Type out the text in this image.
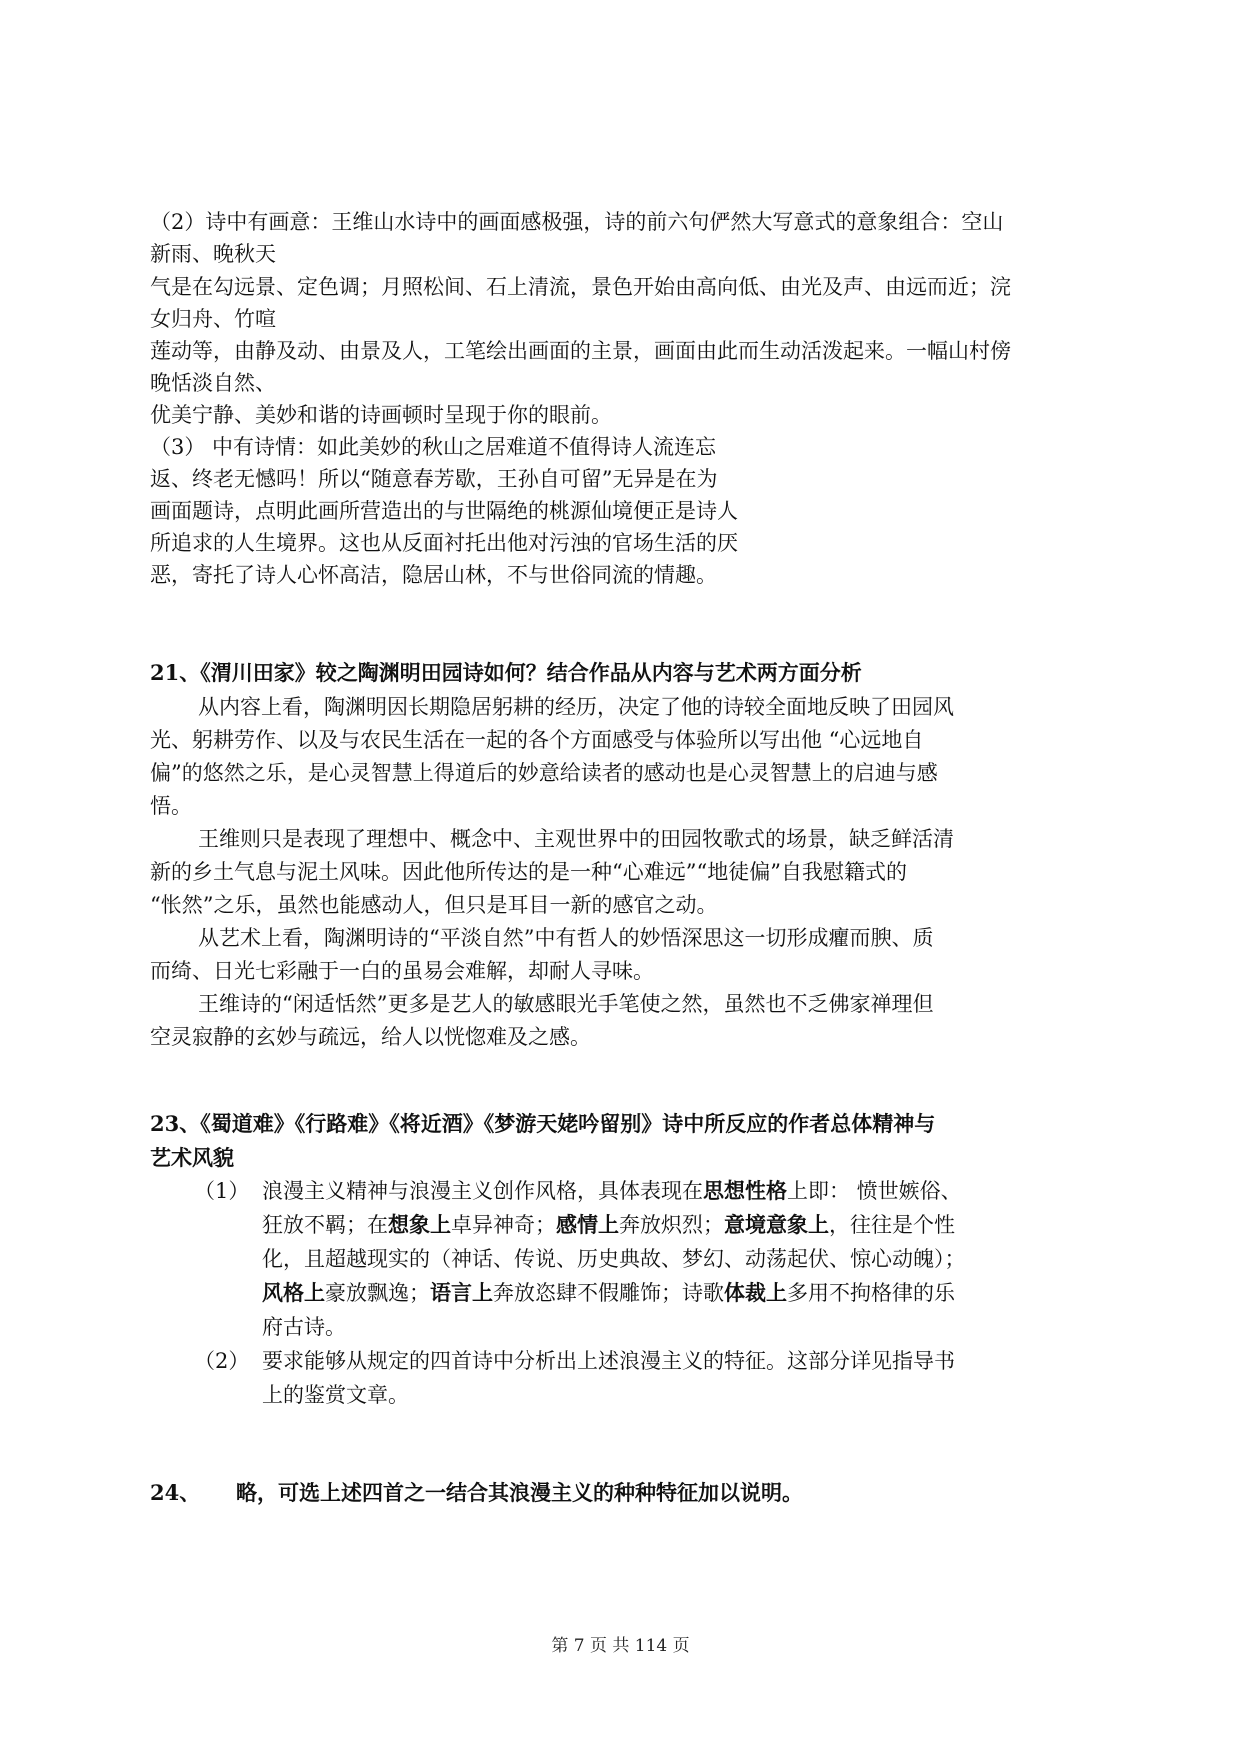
（2）诗中有画意：王维山水诗中的画面感极强，诗的前六句俨然大写意式的意象组合：空山
新雨、晚秋天
气是在勾远景、定色调；月照松间、石上清流，景色开始由高向低、由光及声、由远而近；浣
女归舟、竹喧
莲动等，由静及动、由景及人，工笔绘出画面的主景，画面由此而生动活泼起来。一幅山村傍
晚恬淡自然、
优美宁静、美妙和谐的诗画顿时呈现于你的眼前。
（3） 中有诗情：如此美妙的秋山之居难道不值得诗人流连忘
返、终老无憾吗！所以“随意春芳歇，王孙自可留”无异是在为
画面题诗，点明此画所营造出的与世隔绝的桃源仙境便正是诗人
所追求的人生境界。这也从反面衬托出他对污浊的官场生活的厌
恶，寄托了诗人心怀高洁，隐居山林，不与世俗同流的情趣。
21、《渭川田家》较之陶渊明田园诗如何？结合作品从内容与艺术两方面分析
从内容上看，陶渊明因长期隐居躬耕的经历，决定了他的诗较全面地反映了田园风
光、躬耕劳作、以及与农民生活在一起的各个方面感受与体验所以写出他 “心远地自
偏”的悠然之乐，是心灵智慧上得道后的妙意给读者的感动也是心灵智慧上的启迪与感
悟。
王维则只是表现了理想中、概念中、主观世界中的田园牧歌式的场景，缺乏鲜活清
新的乡土气息与泥土风味。因此他所传达的是一种“心难远”“地徒偏”自我慰籍式的
“怅然”之乐，虽然也能感动人，但只是耳目一新的感官之动。
从艺术上看，陶渊明诗的“平淡自然”中有哲人的妙悟深思这一切形成癯而腴、质
而绮、日光七彩融于一白的虽易会难解，却耐人寻味。
王维诗的“闲适恬然”更多是艺人的敏感眼光手笔使之然，虽然也不乏佛家禅理但
空灵寂静的玄妙与疏远，给人以恍惚难及之感。
23、《蜀道难》《行路难》《将近酒》《梦游天姥吟留别》诗中所反应的作者总体精神与
艺术风貌
（1） 浪漫主义精神与浪漫主义创作风格，具体表现在思想性格上即： 愤世嫉俗、
狂放不羁；在想象上卓异神奇；感情上奔放炽烈；意境意象上，往往是个性
化，且超越现实的（神话、传说、历史典故、梦幻、动荡起伏、惊心动魄）；
风格上豪放飘逸；语言上奔放恣肆不假雕饰；诗歌体裁上多用不拘格律的乐
府古诗。
（2） 要求能够从规定的四首诗中分析出上述浪漫主义的特征。这部分详见指导书
上的鉴赏文章。
24、 略，可选上述四首之一结合其浪漫主义的种种特征加以说明。
第 7 页 共 114 页
